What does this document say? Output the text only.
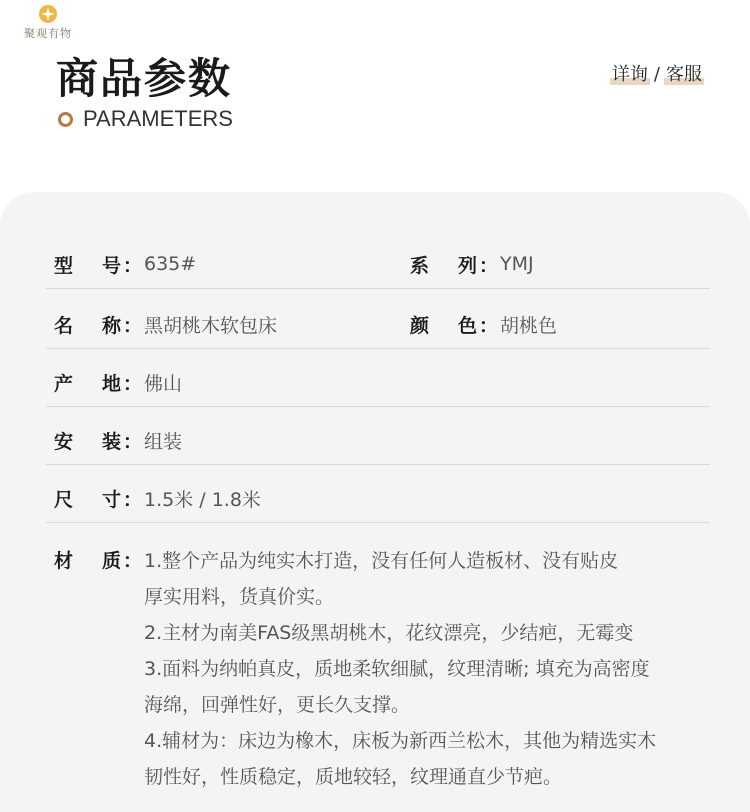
聚观有物
商品参数
PARAMETERS
详询 / 客服
型 号 ： 635#	系 列 ： YMJ
名 称 ： 黑胡桃木软包床	颜 色 ： 胡桃色
产 地 ： 佛山
安 装 ： 组装
尺 寸 ： 1.5米 / 1.8米
材 质 ： 1.整个产品为纯实木打造，没有任何人造板材、没有贴皮
厚实用料，货真价实。
2.主材为南美FAS级黑胡桃木，花纹漂亮，少结疤，无霉变
3.面料为纳帕真皮，质地柔软细腻，纹理清晰; 填充为高密度
海绵，回弹性好，更长久支撑。
4.辅材为：床边为橡木，床板为新西兰松木，其他为精选实木
韧性好，性质稳定，质地较轻，纹理通直少节疤。
